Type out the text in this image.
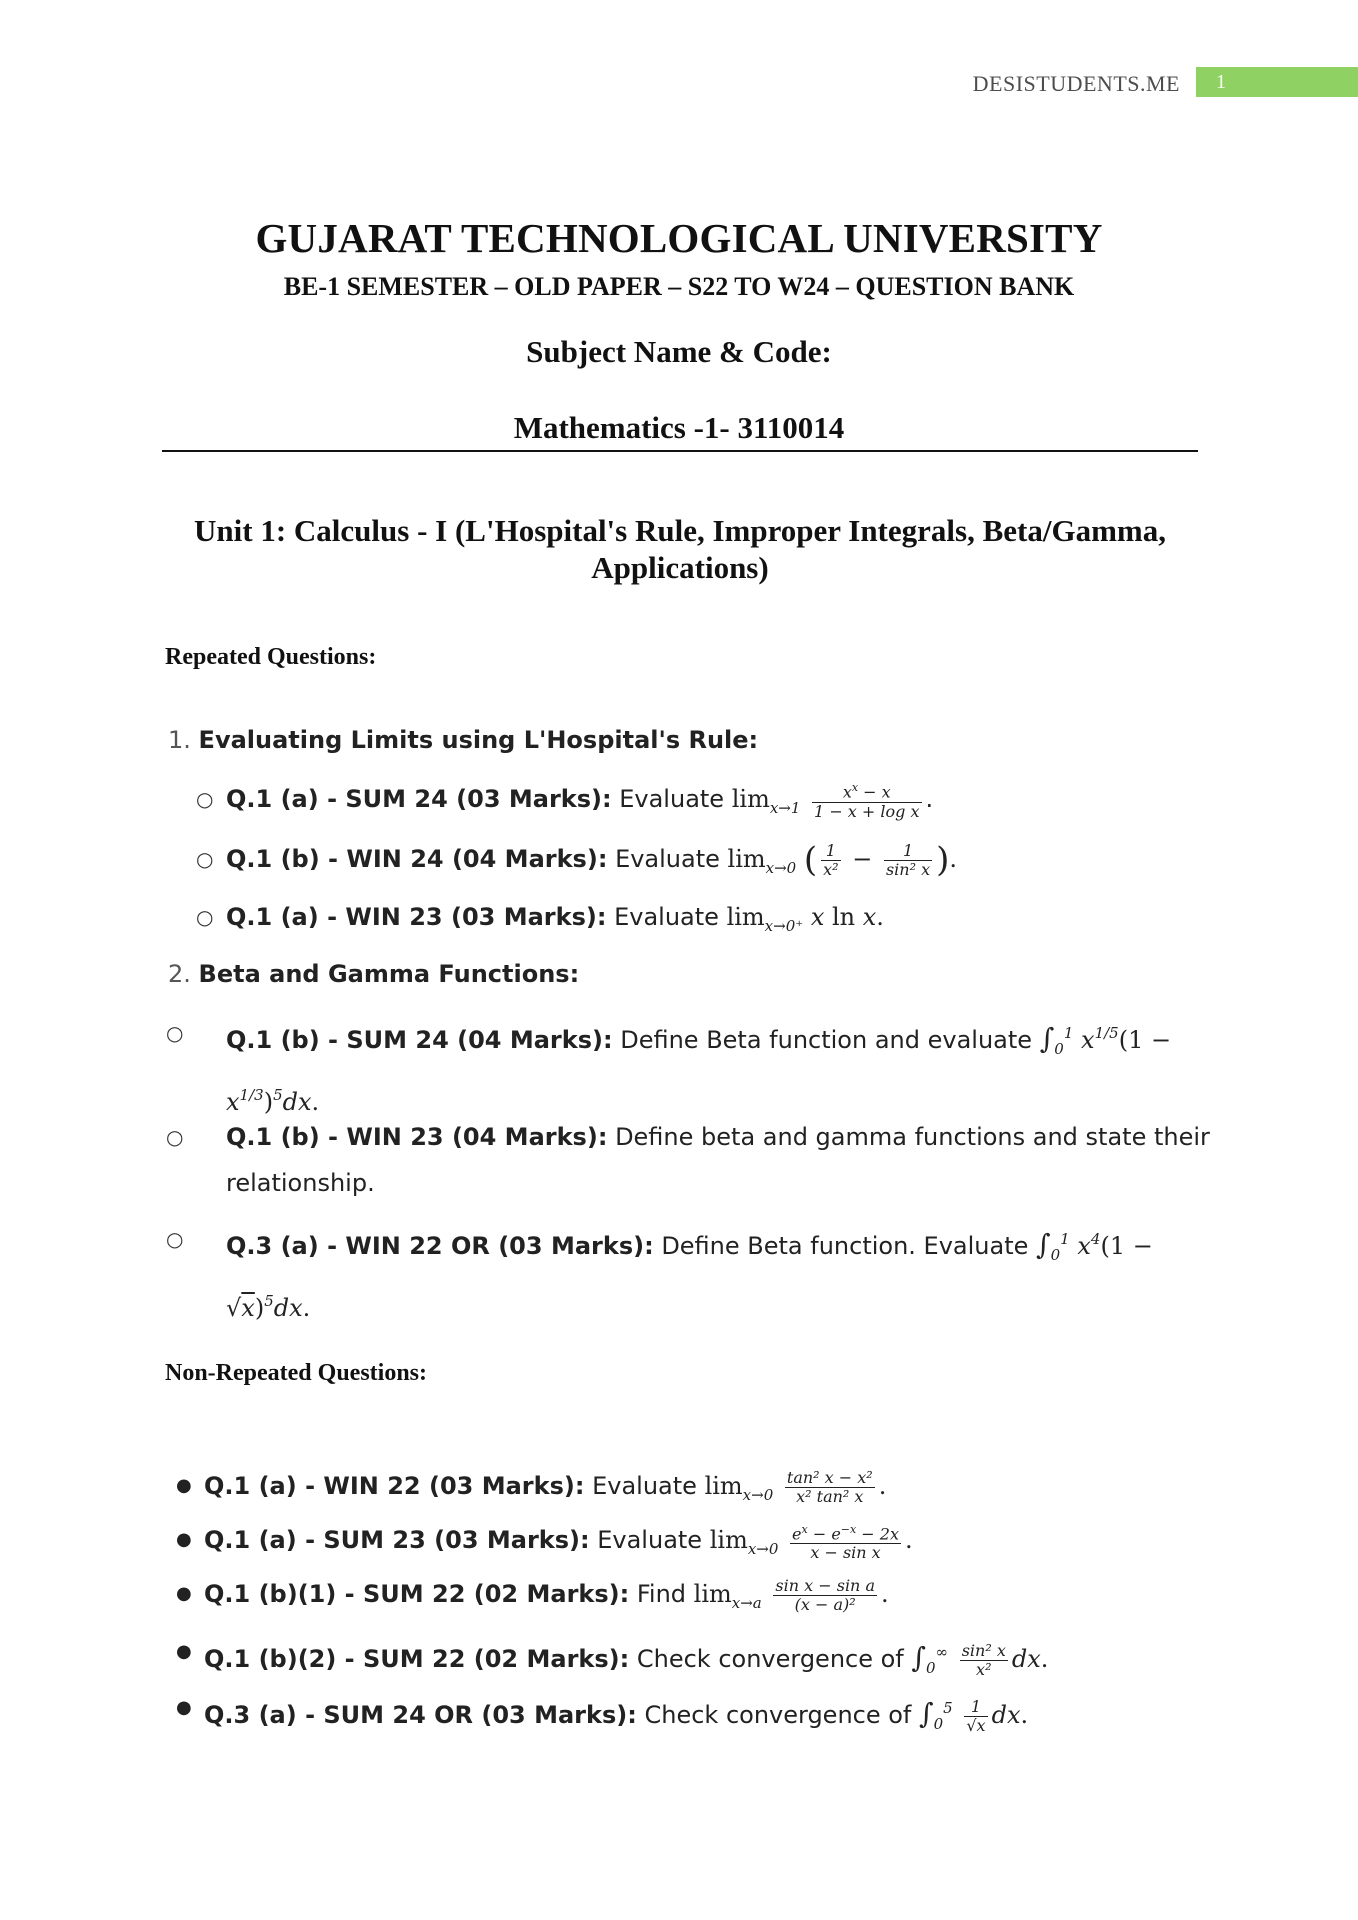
DESISTUDENTS.ME	1
GUJARAT TECHNOLOGICAL UNIVERSITY
BE-1 SEMESTER – OLD PAPER – S22 TO W24 – QUESTION BANK
Subject Name & Code:
Mathematics -1- 3110014
Unit 1: Calculus - I (L'Hospital's Rule, Improper Integrals, Beta/Gamma, Applications)
Repeated Questions:
1. Evaluating Limits using L'Hospital's Rule:
○ Q.1 (a) - SUM 24 (03 Marks): Evaluate $\lim_{x\to 1} \frac{x^x - x}{\text{1 − x + log x}}$ .
○ Q.1 (b) - WIN 24 (04 Marks): Evaluate $\lim_{x\to 0}$ ( $\frac{1}{\text{x²}} - \frac{1}{\text{sin² x}}$ ).
○ Q.1 (a) - WIN 23 (03 Marks): Evaluate $\lim_{x\to 0^+} x$ ln x.
2. Beta and Gamma Functions:
○ Q.1 (b) - SUM 24 (04 Marks): Define Beta function and evaluate $\int_0^1$ $x^{1/5}(1 - x^{1/3})^5dx$.
○ Q.1 (b) - WIN 23 (04 Marks): Define beta and gamma functions and state their relationship.
○ Q.3 (a) - WIN 22 OR (03 Marks): Define Beta function. Evaluate $\int_0^1$ $x^4(1 - √x)^5dx$.
Non-Repeated Questions:
● Q.1 (a) - WIN 22 (03 Marks): Evaluate $\lim_{x\to 0} \frac{\text{tan² x − x²}}{\text{x² tan² x}}$ .
● Q.1 (a) - SUM 23 (03 Marks): Evaluate $\lim_{x\to 0} \frac{e^x - e^{-x} - 2x}{\text{x − sin x}}$ .
● Q.1 (b)(1) - SUM 22 (02 Marks): Find $\lim_{x\to a} \frac{\text{sin x − sin a}}{\text{(x − a)²}}$ .
● Q.1 (b)(2) - SUM 22 (02 Marks): Check convergence of $\int_0^\infty \frac{\text{sin² x}}{\text{x²}}$ dx.
● Q.3 (a) - SUM 24 OR (03 Marks): Check convergence of $\int_0^5 \frac{1}{√x}$ dx.
